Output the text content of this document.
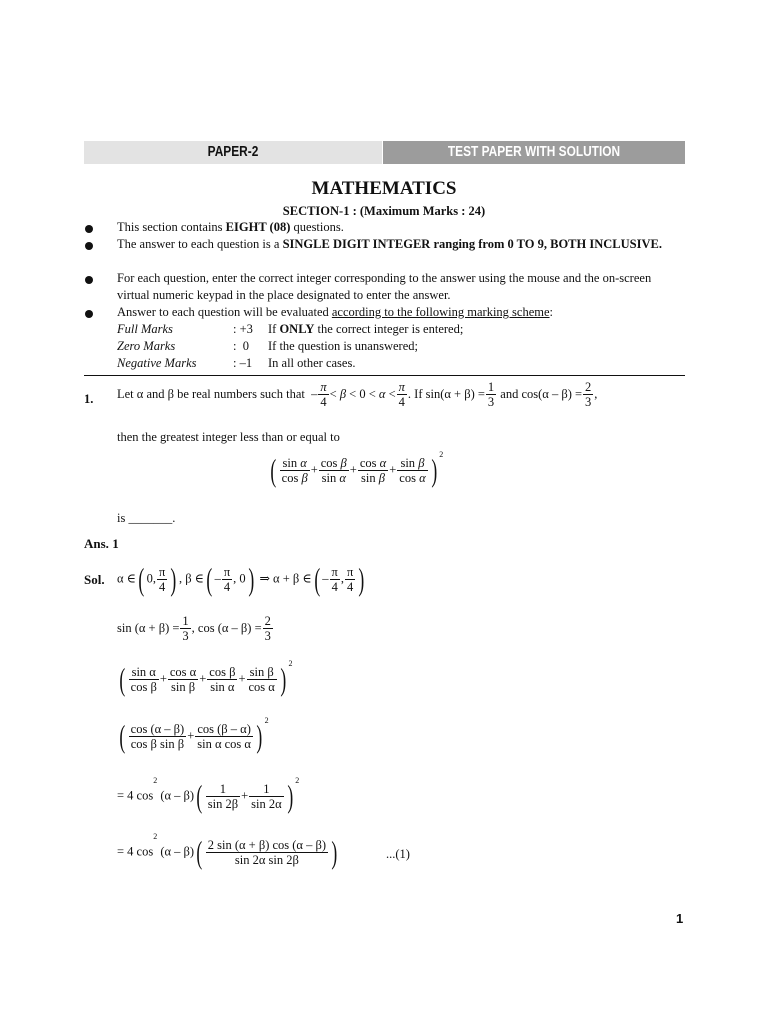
PAPER-2	TEST PAPER WITH SOLUTION
MATHEMATICS
SECTION-1 : (Maximum Marks : 24)
This section contains EIGHT (08) questions.
The answer to each question is a SINGLE DIGIT INTEGER ranging from 0 TO 9, BOTH INCLUSIVE.
For each question, enter the correct integer corresponding to the answer using the mouse and the on-screen virtual numeric keypad in the place designated to enter the answer.
Answer to each question will be evaluated according to the following marking scheme:
Full Marks	: +3 If ONLY the correct integer is entered;
Zero Marks	:  0 If the question is unanswered;
Negative Marks	: –1 In all other cases.
1. Let α and β be real numbers such that  – $\frac{\pi}{4} < \beta < 0 < \alpha < \frac{\pi}{4}$ . If $\sin(\alpha + \beta) = \frac{1}{3}$ and $\cos(\alpha - \beta) = \frac{2}{3}$ ,
then the greatest integer less than or equal to
( $\frac{\text{sin α}}{\text{cos β}} + \frac{\text{cos β}}{\text{sin α}} + \frac{\text{cos α}}{\text{sin β}} + \frac{\text{sin β}}{\text{cos α}}$ ) $^2$
is _______.
Ans. 1
Sol. α ∈( 0, $\frac{\pi}{4}$ ) , β ∈( – $\frac{\pi}{4}$ , 0) ⇒ α + β ∈( – $\frac{\pi}{4}$ , $\frac{\pi}{4}$ )
$\sin (\alpha + \beta) = \frac{1}{3}$ , $\cos (\alpha - \beta) = \frac{2}{3}$
( $\frac{\text{sin α}}{\text{cos β}} + \frac{\text{cos α}}{\text{sin β}} + \frac{\text{cos β}}{\text{sin α}} + \frac{\text{sin β}}{\text{cos α}}$ ) $^2$
( $\frac{\cos (\alpha - \beta)}{\text{cos β sin β}} + \frac{\cos (\beta - \alpha)}{\text{sin α cos α}}$ ) $^2$
= 4 $\cos^2 (\alpha - \beta)( \frac{1}{\sin 2\beta} + \frac{1}{\sin 2\alpha}$ ) $^2$
= 4 $\cos^2 (\alpha - \beta)( \frac{2 \sin (\alpha + \beta) \cos (\alpha - \beta)}{\text{sin 2α sin 2β}}$ )	...(1)
1
